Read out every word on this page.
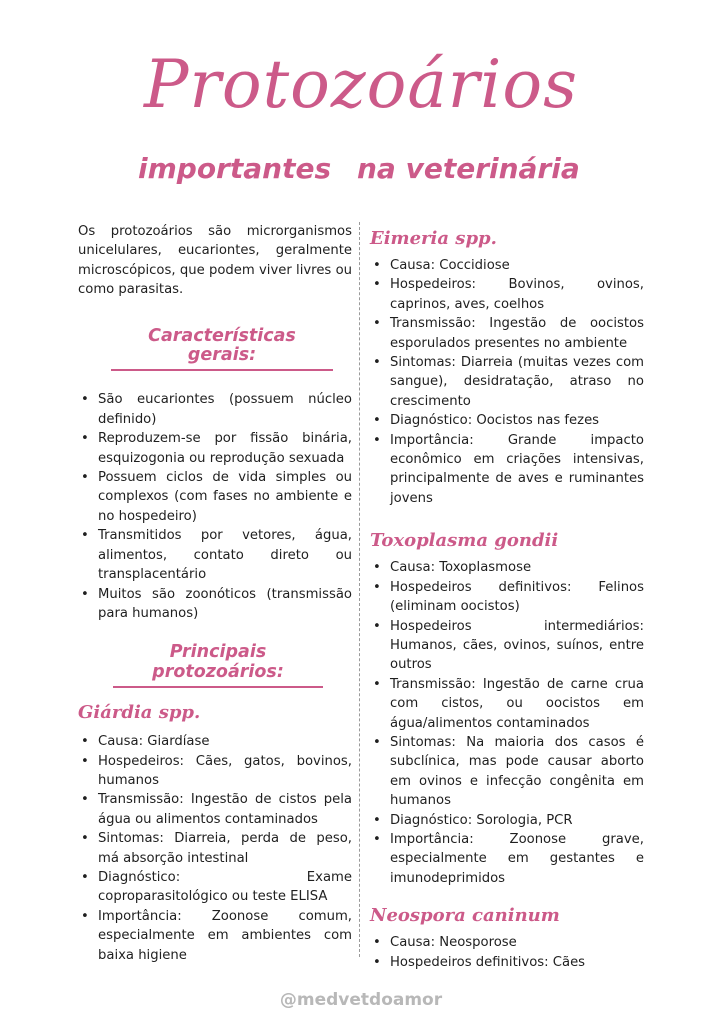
Protozoários
importantes na veterinária

Os protozoários são microrganismos unicelulares, eucariontes, geralmente microscópicos, que podem viver livres ou como parasitas.

Características gerais:
• São eucariontes (possuem núcleo definido)
• Reproduzem-se por fissão binária, esquizogonia ou reprodução sexuada
• Possuem ciclos de vida simples ou complexos (com fases no ambiente e no hospedeiro)
• Transmitidos por vetores, água, alimentos, contato direto ou transplacentário
• Muitos são zoonóticos (transmissão para humanos)
Principais protozoários:
Giárdia spp.
• Causa: Giardíase
• Hospedeiros: Cães, gatos, bovinos, humanos
• Transmissão: Ingestão de cistos pela água ou alimentos contaminados
• Sintomas: Diarreia, perda de peso, má absorção intestinal
• Diagnóstico: Exame coproparasitológico ou teste ELISA
• Importância: Zoonose comum, especialmente em ambientes com baixa higiene
Eimeria spp.
• Causa: Coccidiose
• Hospedeiros: Bovinos, ovinos, caprinos, aves, coelhos
• Transmissão: Ingestão de oocistos esporulados presentes no ambiente
• Sintomas: Diarreia (muitas vezes com sangue), desidratação, atraso no crescimento
• Diagnóstico: Oocistos nas fezes
• Importância: Grande impacto econômico em criações intensivas, principalmente de aves e ruminantes jovens
Toxoplasma gondii
• Causa: Toxoplasmose
• Hospedeiros definitivos: Felinos (eliminam oocistos)
• Hospedeiros intermediários: Humanos, cães, ovinos, suínos, entre outros
• Transmissão: Ingestão de carne crua com cistos, ou oocistos em água/alimentos contaminados
• Sintomas: Na maioria dos casos é subclínica, mas pode causar aborto em ovinos e infecção congênita em humanos
• Diagnóstico: Sorologia, PCR
• Importância: Zoonose grave, especialmente em gestantes e imunodeprimidos
Neospora caninum
• Causa: Neosporose
• Hospedeiros definitivos: Cães
@medvetdoamor
